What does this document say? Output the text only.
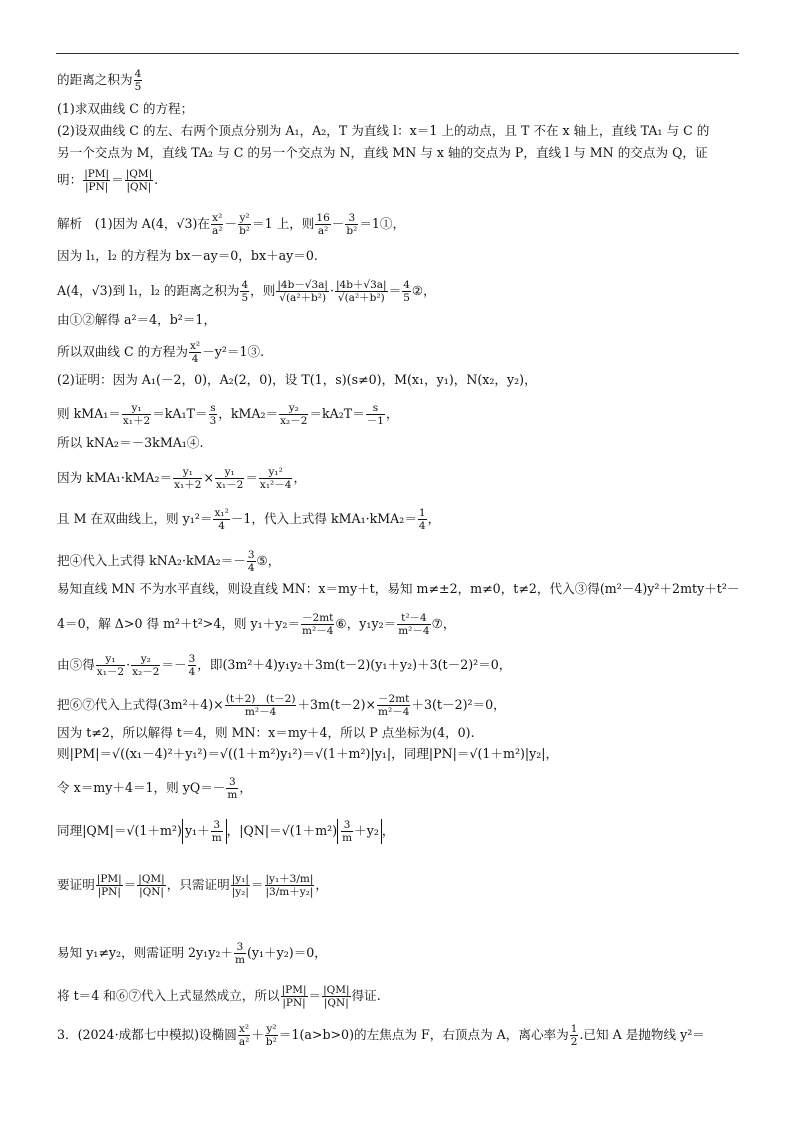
的距离之积为 $\frac{4}{5}$
(1)求双曲线 C 的方程；
(2)设双曲线 C 的左、右两个顶点分别为 A₁，A₂，T 为直线 l：x＝1 上的动点，且 T 不在 x 轴上，直线 TA₁ 与 C 的
另一个交点为 M，直线 TA₂ 与 C 的另一个交点为 N，直线 MN 与 x 轴的交点为 P，直线 l 与 MN 的交点为 Q，证
明： $\frac{|PM|}{|PN|} = \frac{|QM|}{|QN|}$ .
解析　(1)因为 A(4，√3)在 $\frac{\text{x²}}{\text{a²}} - \frac{\text{y²}}{\text{b²}} =1$ 上，则 $\frac{16}{\text{a²}} - \frac{3}{\text{b²}}$ ＝1①，
因为 l₁，l₂ 的方程为 bx－ay＝0，bx＋ay＝0.
A(4，√3)到 l₁，l₂ 的距离之积为 $\frac{4}{5}$ ，则 $\frac{|4b-√3a|}{\text{√(a²＋b²)}} \cdot \frac{|4b+√3a|}{\text{√(a²＋b²)}} = \frac{4}{5}$ ②，
由①②解得 a²＝4，b²＝1，
所以双曲线 C 的方程为 $\frac{\text{x²}}{4}$ －y²＝1③.
(2)证明：因为 A₁(－2，0)，A₂(2，0)，设 T(1，s)(s≠0)，M(x₁，y₁)，N(x₂，y₂)，
则 $kMA_1= \frac{\text{y₁}}{\text{x₁＋2}} =kA_1T= \frac{s}{3}$ ，$kMA_2= \frac{\text{y₂}}{\text{x₂－2}} =kA_2T= \frac{s}{-1}$ ，
所以 kNA₂＝－3kMA₁④.
因为 $kMA_1\cdot kMA_2= \frac{\text{y₁}}{\text{x₁＋2}} \times \frac{\text{y₁}}{\text{x₁－2}} = \frac{\text{y₁²}}{\text{x₁²－4}}$ ，
且 M 在双曲线上，则 $y_1^2= \frac{\text{x₁²}}{4} -1$，代入上式得 $kMA_1\cdot kMA_2= \frac{1}{4}$ ，
把④代入上式得 $kNA_2\cdot kMA_2=- \frac{3}{4}$ ⑤，
易知直线 MN 不为水平直线，则设直线 MN：x＝my＋t，易知 m≠±2，m≠0，t≠2，代入③得(m²－4)y²＋2mty＋t²－
4＝0，解 Δ>0 得 m²＋t²>4，则 $y_1+y_2= \frac{-2mt}{\text{m²－4}}$ ⑥，$y_1y_2= \frac{\text{t²－4}}{\text{m²－4}}$ ⑦，
由⑤得 $\frac{\text{y₁}}{\text{x₁－2}} \cdot \frac{\text{y₂}}{\text{x₂－2}} =- \frac{3}{4}$ ，即(3m²＋4)y₁y₂＋3m(t－2)(y₁＋y₂)＋3(t－2)²＝0，
把⑥⑦代入上式得$(3m^2+4)\times \frac{(t+2) (t-2)}{\text{m²－4}} +3m(t-2)\times \frac{-2mt}{\text{m²－4}} +3(t-2)^2=0$，
因为 t≠2，所以解得 t＝4，则 MN：x＝my＋4，所以 P 点坐标为(4，0).
则|PM|＝√((x₁－4)²＋y₁²)＝√((1＋m²)y₁²)＝√(1＋m²)|y₁|，同理|PN|＝√(1＋m²)|y₂|，
令 x＝my＋4＝1，则 $yQ=- \frac{3}{m}$ ，
同理|QM|＝√(1＋m²) $y_1+ \frac{3}{m}$ ，$|QN|=√(1+m^2) \frac{3}{m} +y_2$ ，
要证明 $\frac{|PM|}{|PN|} = \frac{|QM|}{|QN|}$ ，只需证明 $\frac{\text{|y₁|}}{\text{|y₂|}} = \frac{\text{|y₁＋3/m|}}{\text{|3/m＋y₂|}}$ ，
易知 y₁≠y₂，则需证明 $2y_1y_2+ \frac{3}{m} (y_1+y_2)=0$，
将 t＝4 和⑥⑦代入上式显然成立，所以 $\frac{|PM|}{|PN|} = \frac{|QM|}{|QN|}$ 得证.
3．(2024·成都七中模拟)设椭圆 $\frac{\text{x²}}{\text{a²}} + \frac{\text{y²}}{\text{b²}} =1(a>b>0)$的左焦点为 F，右顶点为 A，离心率为 $\frac{1}{2}$ .已知 A 是抛物线 y²＝
